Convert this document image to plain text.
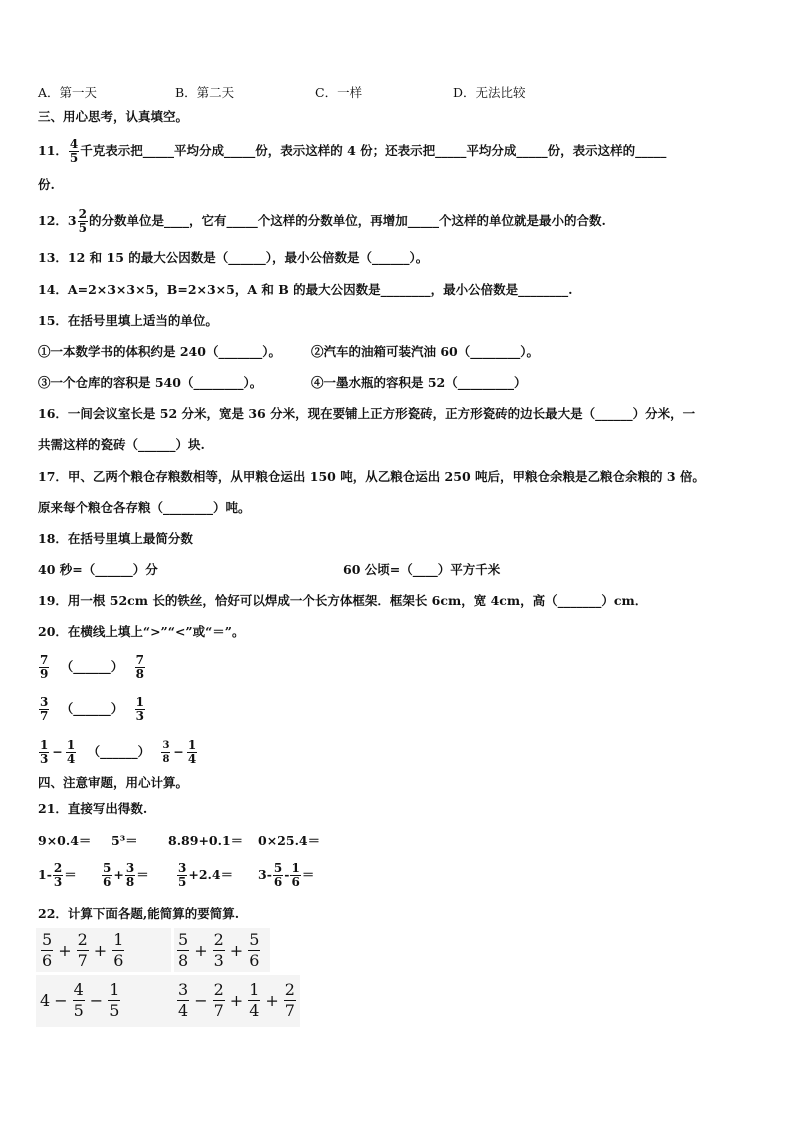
A．第一天	B．第二天	C．一样	D．无法比较
三、用心思考，认真填空。
11． $\frac{4}{5}$ 千克表示把_____平均分成_____份，表示这样的 4 份；还表示把_____平均分成_____份，表示这样的_____
份.
12．$3 \frac{2}{5}$ 的分数单位是____，它有_____个这样的分数单位，再增加_____个这样的单位就是最小的合数.
13．12 和 15 的最大公因数是（______），最小公倍数是（______）。
14．A=2×3×3×5，B=2×3×5，A 和 B 的最大公因数是________，最小公倍数是________.
15．在括号里填上适当的单位。
①一本数学书的体积约是 240（_______）。 ②汽车的油箱可装汽油 60（________）。
③一个仓库的容积是 540（________）。	④一墨水瓶的容积是 52（_________）
16．一间会议室长是 52 分米，宽是 36 分米，现在要铺上正方形瓷砖，正方形瓷砖的边长最大是（______）分米，一
共需这样的瓷砖（______）块.
17．甲、乙两个粮仓存粮数相等，从甲粮仓运出 150 吨，从乙粮仓运出 250 吨后，甲粮仓余粮是乙粮仓余粮的 3 倍。
原来每个粮仓各存粮（________）吨。
18．在括号里填上最简分数
40 秒=（______）分	60 公顷=（____）平方千米
19．用一根 52cm 长的铁丝，恰好可以焊成一个长方体框架．框架长 6cm，宽 4cm，高（_______）cm．
20．在横线上填上“>”“<”或“＝”。
$\frac{7}{9}$ （______） $\frac{7}{8}$
$\frac{3}{7}$ （______） $\frac{1}{3}$
$\frac{1}{3} - \frac{1}{4}$ （______） $\frac{3}{8} - \frac{1}{4}$
四、注意审题，用心计算。
21．直接写出得数.
9×0.4＝ 5³＝ 8.89+0.1＝ 0×25.4＝
$1- \frac{2}{3} = \frac{5}{6} + \frac{3}{8} = \frac{3}{5} +2.4= 3- \frac{5}{6} - \frac{1}{6}$ ＝
22．计算下面各题,能简算的要简算.
$\frac{5}{6} + \frac{2}{7} + \frac{1}{6}$	$\frac{5}{8} + \frac{2}{3} + \frac{5}{6}$
$4 - \frac{4}{5} - \frac{1}{5}$	$\frac{3}{4} - \frac{2}{7} + \frac{1}{4} + \frac{2}{7}$
